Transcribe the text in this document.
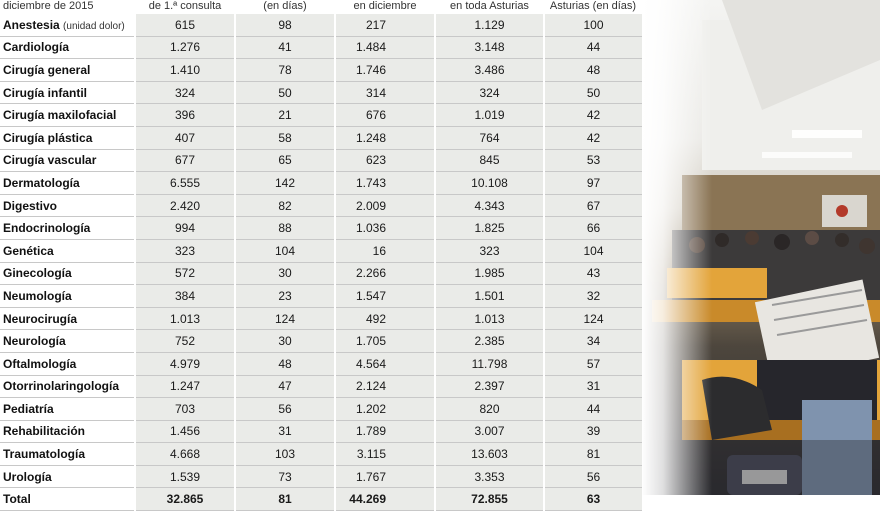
diciembre de 2015	de 1.ª consulta	(en días)	en diciembre	en toda Asturias	Asturias (en días)
Anestesia (unidad dolor)	615	98	217	1.129	100
Cardiología	1.276	41	1.484	3.148	44
Cirugía general	1.410	78	1.746	3.486	48
Cirugía infantil	324	50	314	324	50
Cirugía maxilofacial	396	21	676	1.019	42
Cirugía plástica	407	58	1.248	764	42
Cirugía vascular	677	65	623	845	53
Dermatología	6.555	142	1.743	10.108	97
Digestivo	2.420	82	2.009	4.343	67
Endocrinología	994	88	1.036	1.825	66
Genética	323	104	16	323	104
Ginecología	572	30	2.266	1.985	43
Neumología	384	23	1.547	1.501	32
Neurocirugía	1.013	124	492	1.013	124
Neurología	752	30	1.705	2.385	34
Oftalmología	4.979	48	4.564	11.798	57
Otorrinolaringología	1.247	47	2.124	2.397	31
Pediatría	703	56	1.202	820	44
Rehabilitación	1.456	31	1.789	3.007	39
Traumatología	4.668	103	3.115	13.603	81
Urología	1.539	73	1.767	3.353	56
Total	32.865	81	44.269	72.855	63
